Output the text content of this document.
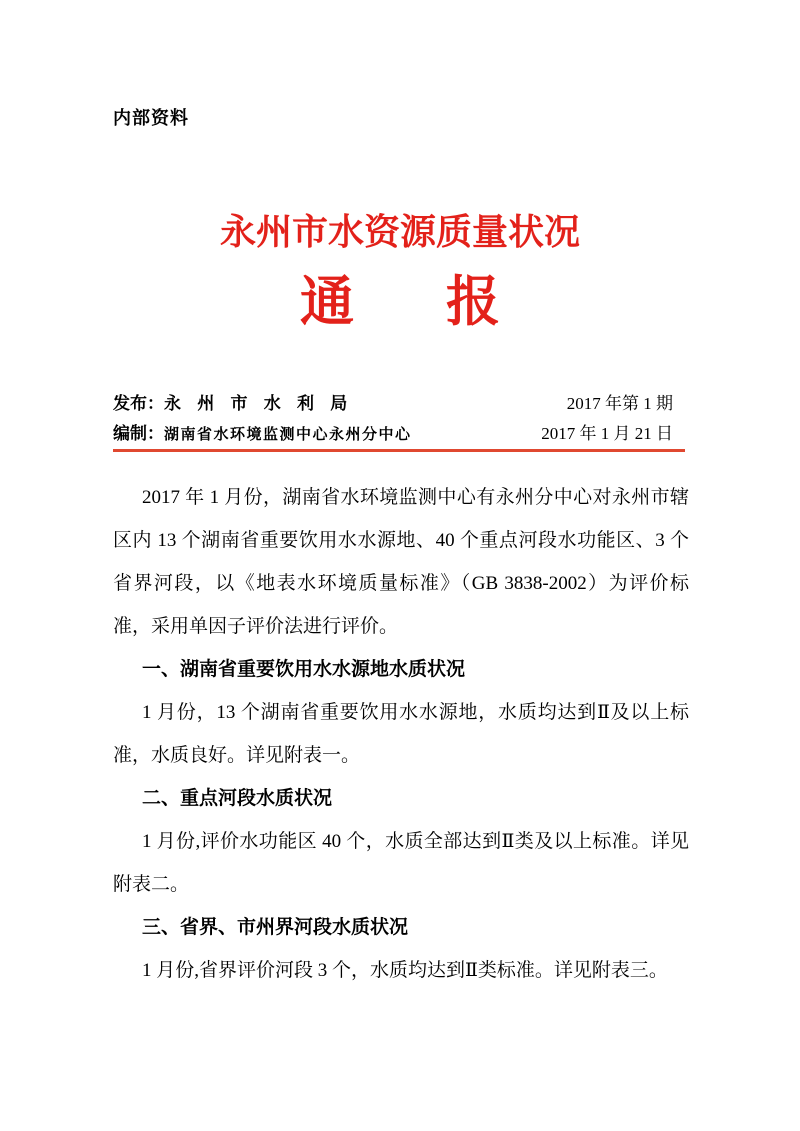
内部资料
永州市水资源质量状况
通 报
发布：永 州 市 水 利 局	2017 年第 1 期
编制：湖南省水环境监测中心永州分中心	2017 年 1 月 21 日

2017 年 1 月份，湖南省水环境监测中心有永州分中心对永州市辖区内 13 个湖南省重要饮用水水源地、40 个重点河段水功能区、3 个省界河段，以《地表水环境质量标准》（GB 3838-2002）为评价标准，采用单因子评价法进行评价。

一、湖南省重要饮用水水源地水质状况

1 月份，13 个湖南省重要饮用水水源地，水质均达到Ⅱ及以上标准，水质良好。详见附表一。

二、重点河段水质状况

1 月份,评价水功能区 40 个，水质全部达到Ⅱ类及以上标准。详见附表二。

三、省界、市州界河段水质状况

1 月份,省界评价河段 3 个，水质均达到Ⅱ类标准。详见附表三。
